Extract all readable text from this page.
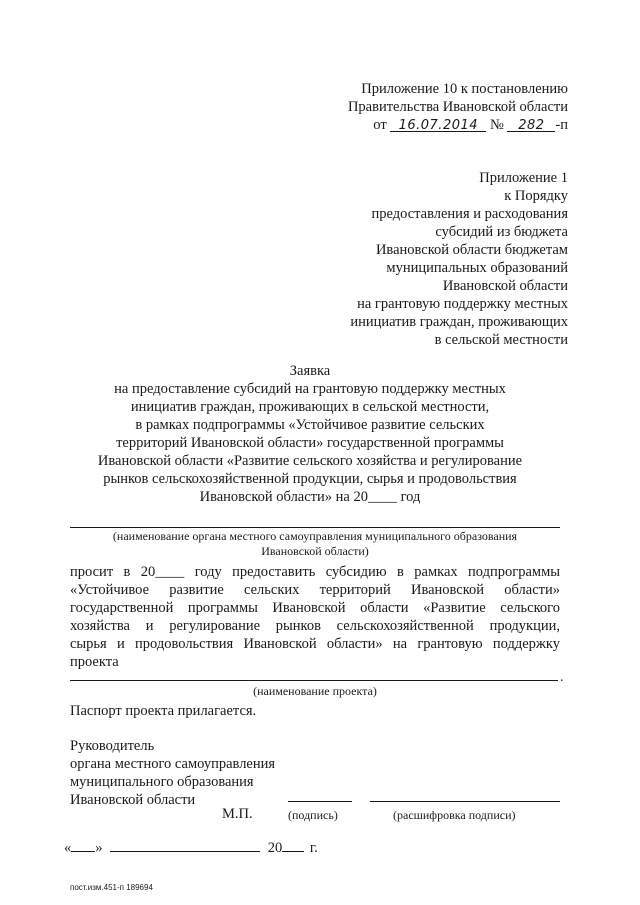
Приложение 10 к постановлению
Правительства Ивановской области
от 16.07.2014 № 282 -п
Приложение 1
к Порядку
предоставления и расходования
субсидий из бюджета
Ивановской области бюджетам
муниципальных образований
Ивановской области
на грантовую поддержку местных
инициатив граждан, проживающих
в сельской местности
Заявка
на предоставление субсидий на грантовую поддержку местных
инициатив граждан, проживающих в сельской местности,
в рамках подпрограммы «Устойчивое развитие сельских
территорий Ивановской области» государственной программы
Ивановской области «Развитие сельского хозяйства и регулирование
рынков сельскохозяйственной продукции, сырья и продовольствия
Ивановской области» на 20____ год
(наименование органа местного самоуправления муниципального образования
Ивановской области)
просит в 20____ году предоставить субсидию в рамках подпрограммы
«Устойчивое развитие сельских территорий Ивановской области»
государственной программы Ивановской области «Развитие сельского
хозяйства и регулирование рынков сельскохозяйственной продукции,
сырья и продовольствия Ивановской области» на грантовую поддержку
проекта
.
(наименование проекта)
Паспорт проекта прилагается.
Руководитель
органа местного самоуправления
муниципального образования
Ивановской области
М.П.	(подпись)	(расшифровка подписи)
« »	20 г.
пост.изм.451-п 189694
